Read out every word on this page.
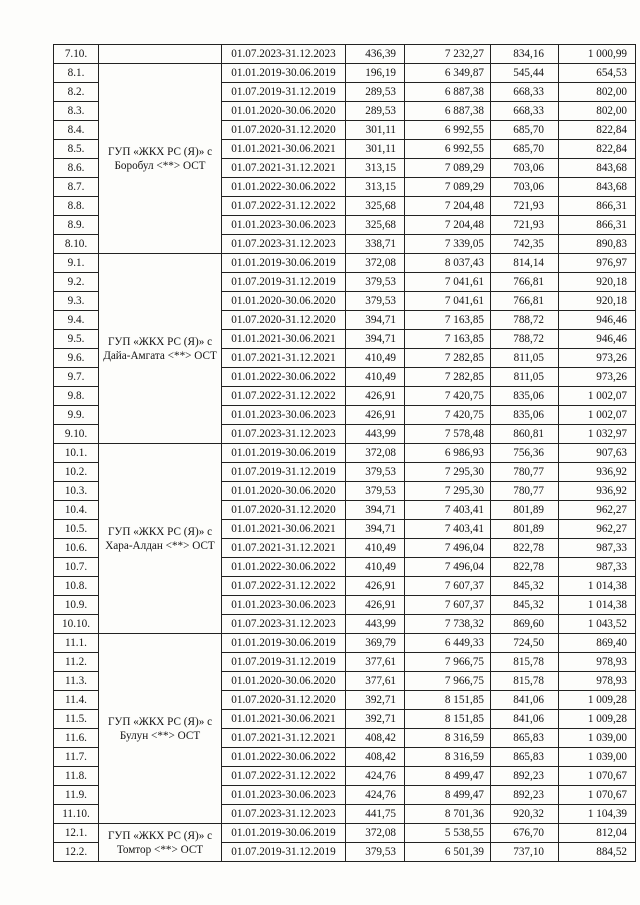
7.10.		01.07.2023-31.12.2023	436,39	7 232,27	834,16	1 000,99
8.1.	ГУП «ЖКХ РС (Я)» с Боробул <**> ОСТ	01.01.2019-30.06.2019	196,19	6 349,87	545,44	654,53
8.2.		01.07.2019-31.12.2019	289,53	6 887,38	668,33	802,00
8.3.		01.01.2020-30.06.2020	289,53	6 887,38	668,33	802,00
8.4.		01.07.2020-31.12.2020	301,11	6 992,55	685,70	822,84
8.5.		01.01.2021-30.06.2021	301,11	6 992,55	685,70	822,84
8.6.		01.07.2021-31.12.2021	313,15	7 089,29	703,06	843,68
8.7.		01.01.2022-30.06.2022	313,15	7 089,29	703,06	843,68
8.8.		01.07.2022-31.12.2022	325,68	7 204,48	721,93	866,31
8.9.		01.01.2023-30.06.2023	325,68	7 204,48	721,93	866,31
8.10.		01.07.2023-31.12.2023	338,71	7 339,05	742,35	890,83
9.1.	ГУП «ЖКХ РС (Я)» с Дайа-Амгата <**> ОСТ	01.01.2019-30.06.2019	372,08	8 037,43	814,14	976,97
9.2.		01.07.2019-31.12.2019	379,53	7 041,61	766,81	920,18
9.3.		01.01.2020-30.06.2020	379,53	7 041,61	766,81	920,18
9.4.		01.07.2020-31.12.2020	394,71	7 163,85	788,72	946,46
9.5.		01.01.2021-30.06.2021	394,71	7 163,85	788,72	946,46
9.6.		01.07.2021-31.12.2021	410,49	7 282,85	811,05	973,26
9.7.		01.01.2022-30.06.2022	410,49	7 282,85	811,05	973,26
9.8.		01.07.2022-31.12.2022	426,91	7 420,75	835,06	1 002,07
9.9.		01.01.2023-30.06.2023	426,91	7 420,75	835,06	1 002,07
9.10.		01.07.2023-31.12.2023	443,99	7 578,48	860,81	1 032,97
10.1.	ГУП «ЖКХ РС (Я)» с Хара-Алдан <**> ОСТ	01.01.2019-30.06.2019	372,08	6 986,93	756,36	907,63
10.2.		01.07.2019-31.12.2019	379,53	7 295,30	780,77	936,92
10.3.		01.01.2020-30.06.2020	379,53	7 295,30	780,77	936,92
10.4.		01.07.2020-31.12.2020	394,71	7 403,41	801,89	962,27
10.5.		01.01.2021-30.06.2021	394,71	7 403,41	801,89	962,27
10.6.		01.07.2021-31.12.2021	410,49	7 496,04	822,78	987,33
10.7.		01.01.2022-30.06.2022	410,49	7 496,04	822,78	987,33
10.8.		01.07.2022-31.12.2022	426,91	7 607,37	845,32	1 014,38
10.9.		01.01.2023-30.06.2023	426,91	7 607,37	845,32	1 014,38
10.10.		01.07.2023-31.12.2023	443,99	7 738,32	869,60	1 043,52
11.1.	ГУП «ЖКХ РС (Я)» с Булун <**> ОСТ	01.01.2019-30.06.2019	369,79	6 449,33	724,50	869,40
11.2.		01.07.2019-31.12.2019	377,61	7 966,75	815,78	978,93
11.3.		01.01.2020-30.06.2020	377,61	7 966,75	815,78	978,93
11.4.		01.07.2020-31.12.2020	392,71	8 151,85	841,06	1 009,28
11.5.		01.01.2021-30.06.2021	392,71	8 151,85	841,06	1 009,28
11.6.		01.07.2021-31.12.2021	408,42	8 316,59	865,83	1 039,00
11.7.		01.01.2022-30.06.2022	408,42	8 316,59	865,83	1 039,00
11.8.		01.07.2022-31.12.2022	424,76	8 499,47	892,23	1 070,67
11.9.		01.01.2023-30.06.2023	424,76	8 499,47	892,23	1 070,67
11.10.		01.07.2023-31.12.2023	441,75	8 701,36	920,32	1 104,39
12.1.	ГУП «ЖКХ РС (Я)» с Томтор <**> ОСТ	01.01.2019-30.06.2019	372,08	5 538,55	676,70	812,04
12.2.		01.07.2019-31.12.2019	379,53	6 501,39	737,10	884,52
